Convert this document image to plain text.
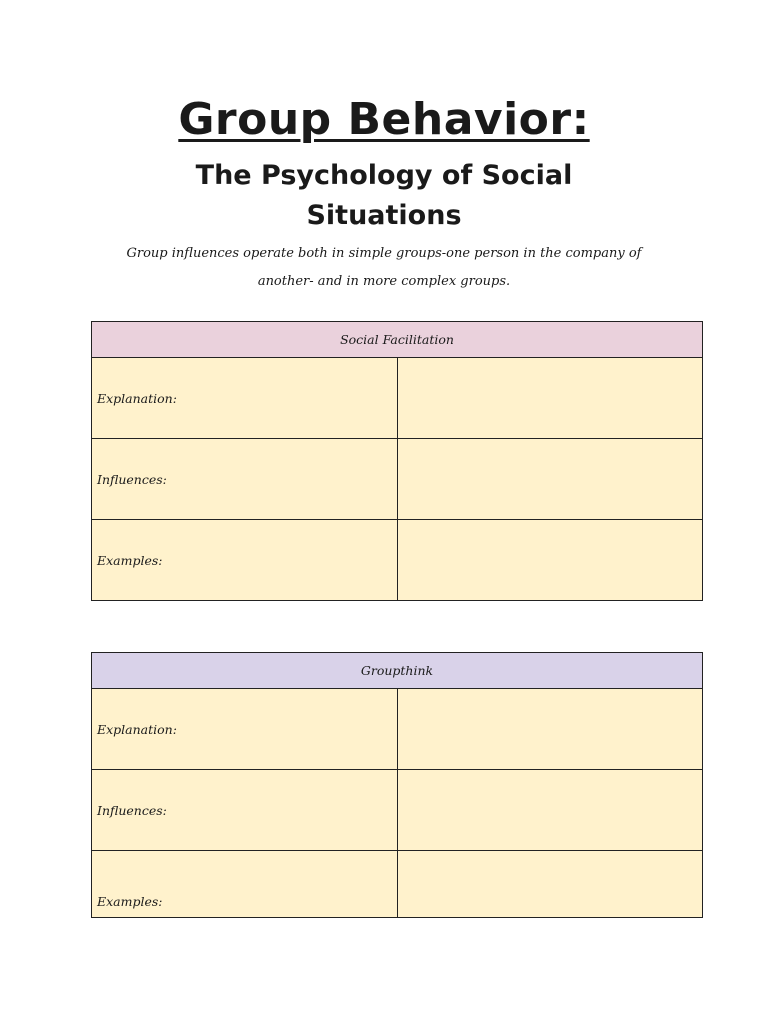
Group Behavior:
The Psychology of Social Situations

Group influences operate both in simple groups-one person in the company of another- and in more complex groups.

Social Facilitation	
Explanation:	
Influences:	
Examples:	
Groupthink	
Explanation:	
Influences:	
Examples:	
